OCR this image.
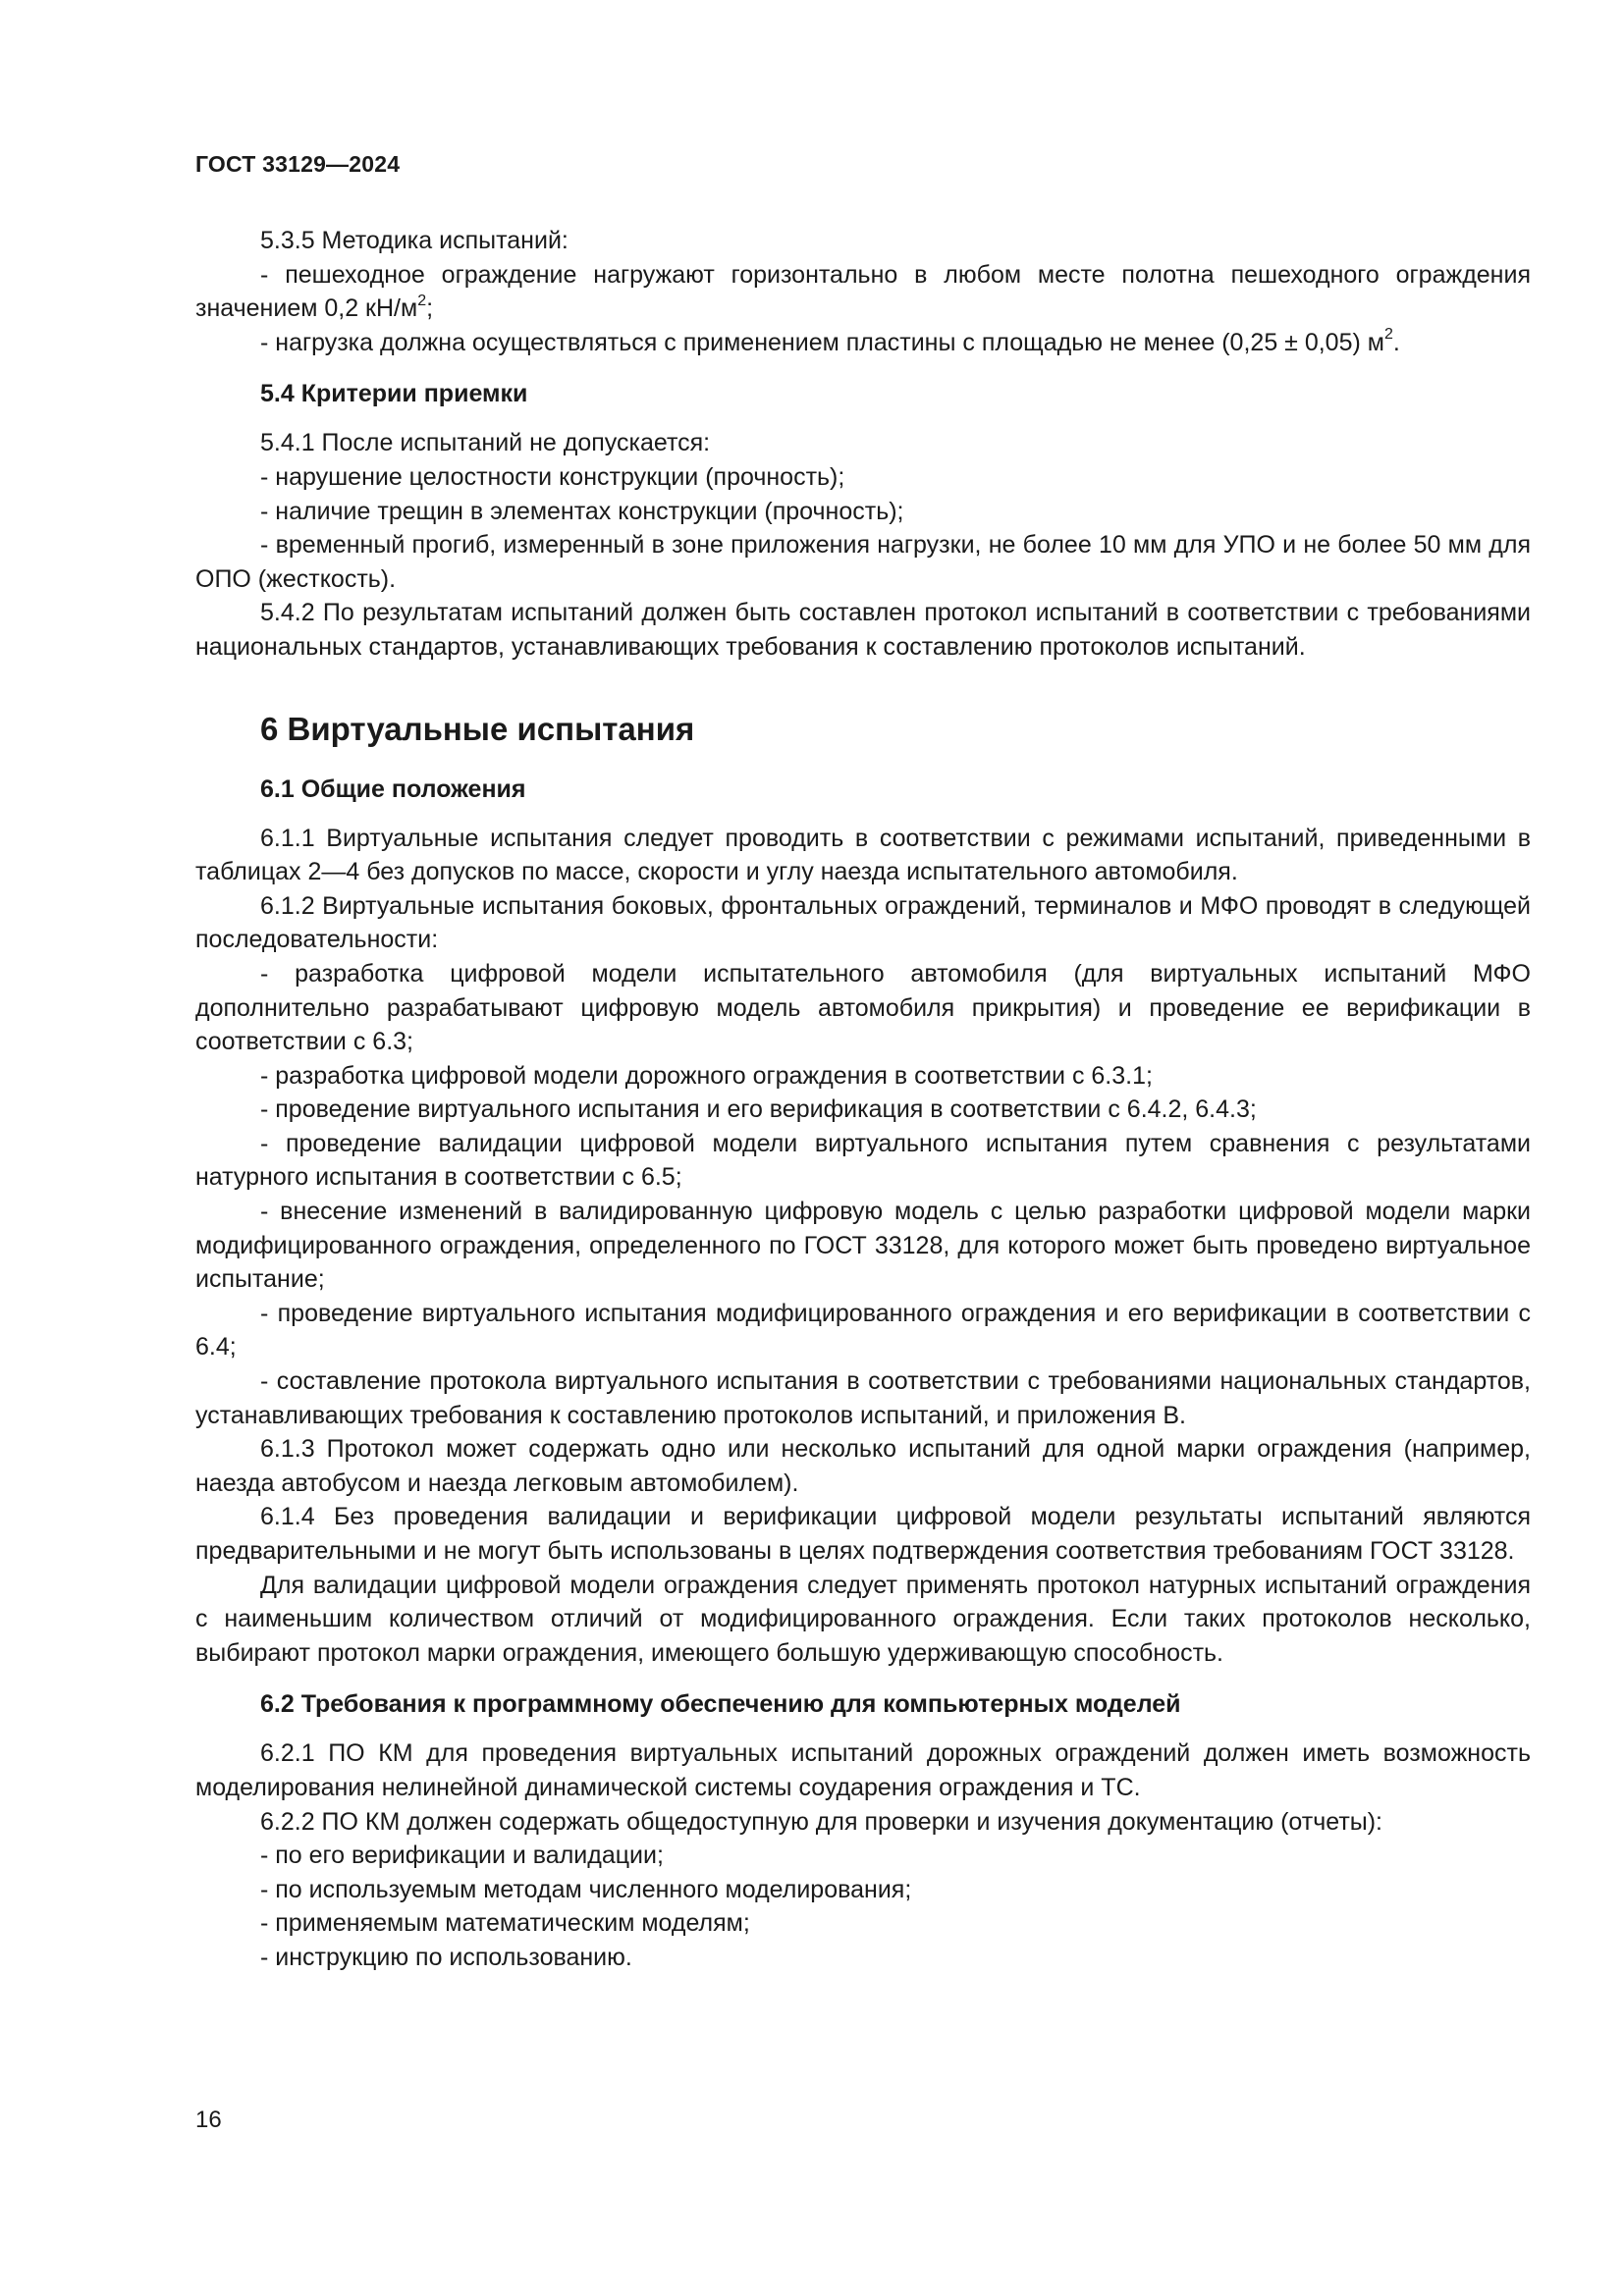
ГОСТ 33129—2024

5.3.5 Методика испытаний:

- пешеходное ограждение нагружают горизонтально в любом месте полотна пешеходного ограждения значением 0,2 $кН/м^2$;

- нагрузка должна осуществляться с применением пластины с площадью не менее (0,25 ± 0,05) $м^2$.

5.4 Критерии приемки

5.4.1 После испытаний не допускается:

- нарушение целостности конструкции (прочность);

- наличие трещин в элементах конструкции (прочность);

- временный прогиб, измеренный в зоне приложения нагрузки, не более 10 мм для УПО и не более 50 мм для ОПО (жесткость).

5.4.2 По результатам испытаний должен быть составлен протокол испытаний в соответствии с требованиями национальных стандартов, устанавливающих требования к составлению протоколов испытаний.

6 Виртуальные испытания
6.1 Общие положения

6.1.1 Виртуальные испытания следует проводить в соответствии с режимами испытаний, приведенными в таблицах 2—4 без допусков по массе, скорости и углу наезда испытательного автомобиля.

6.1.2 Виртуальные испытания боковых, фронтальных ограждений, терминалов и МФО проводят в следующей последовательности:

- разработка цифровой модели испытательного автомобиля (для виртуальных испытаний МФО дополнительно разрабатывают цифровую модель автомобиля прикрытия) и проведение ее верификации в соответствии с 6.3;

- разработка цифровой модели дорожного ограждения в соответствии с 6.3.1;

- проведение виртуального испытания и его верификация в соответствии с 6.4.2, 6.4.3;

- проведение валидации цифровой модели виртуального испытания путем сравнения с результатами натурного испытания в соответствии с 6.5;

- внесение изменений в валидированную цифровую модель с целью разработки цифровой модели марки модифицированного ограждения, определенного по ГОСТ 33128, для которого может быть проведено виртуальное испытание;

- проведение виртуального испытания модифицированного ограждения и его верификации в соответствии с 6.4;

- составление протокола виртуального испытания в соответствии с требованиями национальных стандартов, устанавливающих требования к составлению протоколов испытаний, и приложения В.

6.1.3 Протокол может содержать одно или несколько испытаний для одной марки ограждения (например, наезда автобусом и наезда легковым автомобилем).

6.1.4 Без проведения валидации и верификации цифровой модели результаты испытаний являются предварительными и не могут быть использованы в целях подтверждения соответствия требованиям ГОСТ 33128.

Для валидации цифровой модели ограждения следует применять протокол натурных испытаний ограждения с наименьшим количеством отличий от модифицированного ограждения. Если таких протоколов несколько, выбирают протокол марки ограждения, имеющего большую удерживающую способность.

6.2 Требования к программному обеспечению для компьютерных моделей

6.2.1 ПО КМ для проведения виртуальных испытаний дорожных ограждений должен иметь возможность моделирования нелинейной динамической системы соударения ограждения и ТС.

6.2.2 ПО КМ должен содержать общедоступную для проверки и изучения документацию (отчеты):

- по его верификации и валидации;

- по используемым методам численного моделирования;

- применяемым математическим моделям;

- инструкцию по использованию.

16
